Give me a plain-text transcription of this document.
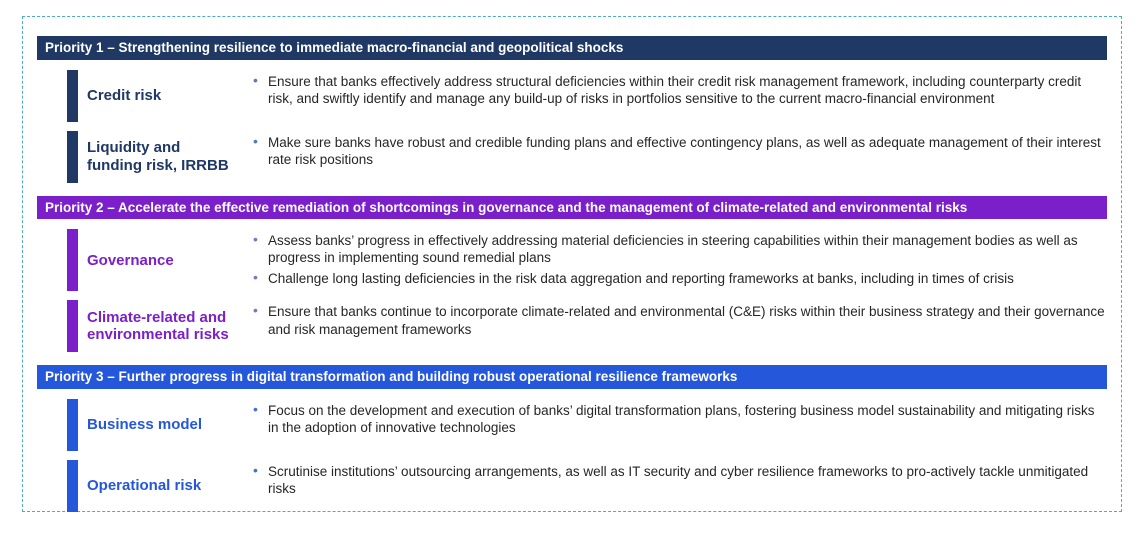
Priority 1 – Strengthening resilience to immediate macro-financial and geopolitical shocks
Credit risk
• Ensure that banks effectively address structural deficiencies within their credit risk management framework, including counterparty credit risk, and swiftly identify and manage any build-up of risks in portfolios sensitive to the current macro-financial environment
Liquidity and funding risk, IRRBB
• Make sure banks have robust and credible funding plans and effective contingency plans, as well as adequate management of their interest rate risk positions
Priority 2 – Accelerate the effective remediation of shortcomings in governance and the management of climate-related and environmental risks
Governance
• Assess banks’ progress in effectively addressing material deficiencies in steering capabilities within their management bodies as well as progress in implementing sound remedial plans
• Challenge long lasting deficiencies in the risk data aggregation and reporting frameworks at banks, including in times of crisis
Climate-related and environmental risks
• Ensure that banks continue to incorporate climate-related and environmental (C&E) risks within their business strategy and their governance and risk management frameworks
Priority 3 – Further progress in digital transformation and building robust operational resilience frameworks
Business model
• Focus on the development and execution of banks’ digital transformation plans, fostering business model sustainability and mitigating risks in the adoption of innovative technologies
Operational risk
• Scrutinise institutions’ outsourcing arrangements, as well as IT security and cyber resilience frameworks to pro-actively tackle unmitigated risks
